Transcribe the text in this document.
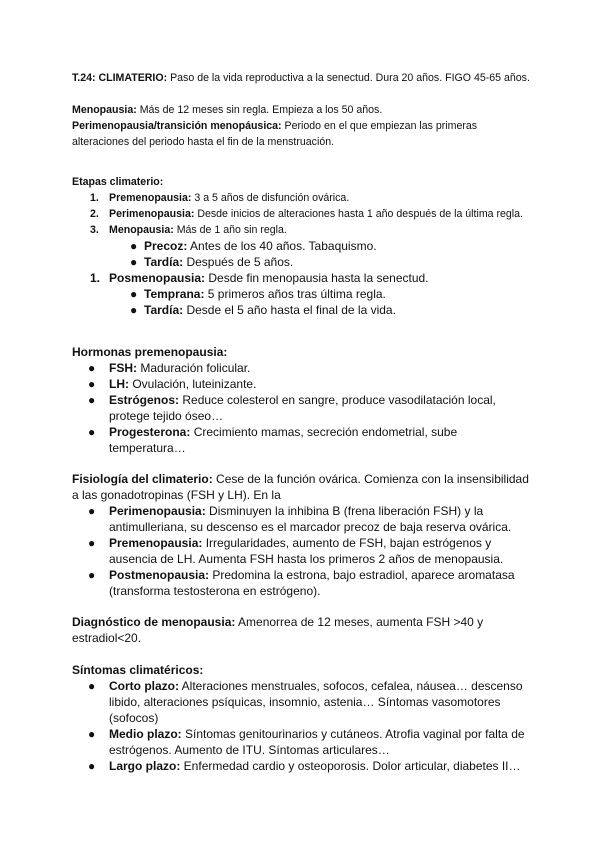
T.24: CLIMATERIO: Paso de la vida reproductiva a la senectud. Dura 20 años. FIGO 45-65 años.

Menopausia: Más de 12 meses sin regla. Empieza a los 50 años.

Perimenopausia/transición menopáusica: Periodo en el que empiezan las primeras alteraciones del periodo hasta el fin de la menstruación.

Etapas climaterio:

1. Premenopausia: 3 a 5 años de disfunción ovárica.
2. Perimenopausia: Desde inicios de alteraciones hasta 1 año después de la última regla.
3. Menopausia: Más de 1 año sin regla.
● Precoz: Antes de los 40 años. Tabaquismo.
● Tardía: Después de 5 años.
1. Posmenopausia: Desde fin menopausia hasta la senectud.
● Temprana: 5 primeros años tras última regla.
● Tardía: Desde el 5 año hasta el final de la vida.

Hormonas premenopausia:

● FSH: Maduración folicular.
● LH: Ovulación, luteinizante.
● Estrógenos: Reduce colesterol en sangre, produce vasodilatación local, protege tejido óseo…
● Progesterona: Crecimiento mamas, secreción endometrial, sube temperatura…

Fisiología del climaterio: Cese de la función ovárica. Comienza con la insensibilidad a las gonadotropinas (FSH y LH). En la

● Perimenopausia: Disminuyen la inhibina B (frena liberación FSH) y la antimulleriana, su descenso es el marcador precoz de baja reserva ovárica.
● Premenopausia: Irregularidades, aumento de FSH, bajan estrógenos y ausencia de LH. Aumenta FSH hasta los primeros 2 años de menopausia.
● Postmenopausia: Predomina la estrona, bajo estradiol, aparece aromatasa (transforma testosterona en estrógeno).

Diagnóstico de menopausia: Amenorrea de 12 meses, aumenta FSH >40 y estradiol<20.

Síntomas climatéricos:

● Corto plazo: Alteraciones menstruales, sofocos, cefalea, náusea… descenso libido, alteraciones psíquicas, insomnio, astenia… Síntomas vasomotores (sofocos)
● Medio plazo: Síntomas genitourinarios y cutáneos. Atrofia vaginal por falta de estrógenos. Aumento de ITU. Síntomas articulares…
● Largo plazo: Enfermedad cardio y osteoporosis. Dolor articular, diabetes II…
